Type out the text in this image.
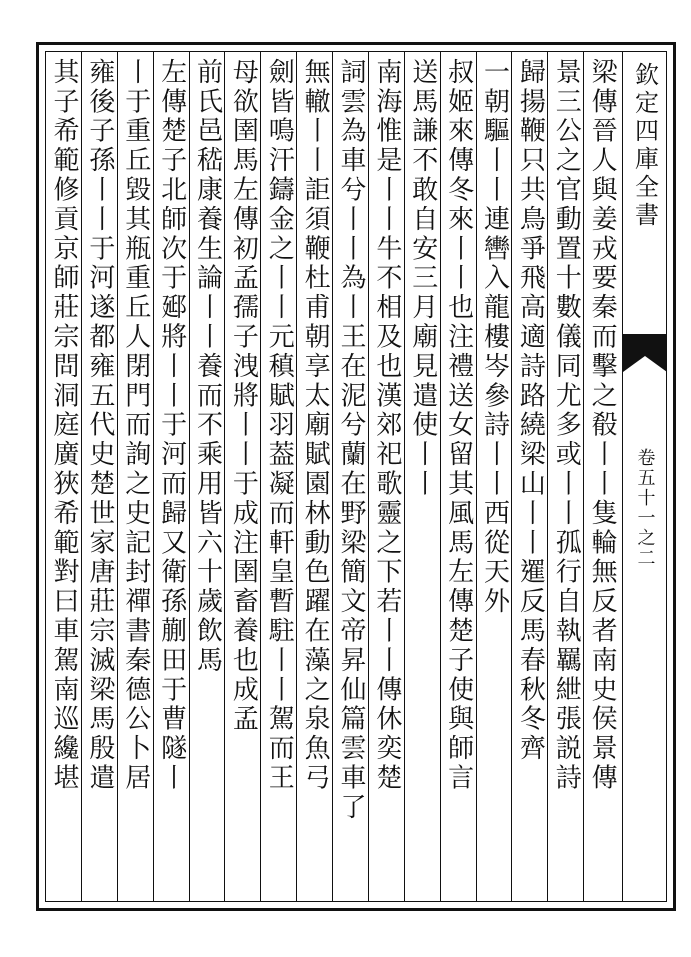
欽定四庫全書
卷五十一之二
梁傳晉人與姜戎要秦而擊之殽丨丨隻輪無反者南史侯景傳
景三公之官動置十數儀同尤多或丨丨孤行自執羈紲張説詩
歸揚鞭只共鳥爭飛高適詩路繞梁山丨丨𨗴反馬春秋冬齊
一朝驅丨丨連轡入龍樓岑參詩丨丨西從天外
叔姬來傳冬來丨丨也注禮送女留其風馬左傳楚子使與師言
送馬謙不敢自安三月廟見遣使丨丨
南海惟是丨丨牛不相及也漢郊祀歌靈之下若丨丨傳休奕楚
詞雲為車兮丨丨為丨王在泥兮蘭在野梁簡文帝昇仙篇雲車了
無轍丨丨詎須鞭杜甫朝享太廟賦園林動色躍在藻之泉魚弓
劍皆鳴汗鑄金之丨丨元稹賦羽葢凝而軒皇暫駐丨丨駕而王
母欲圉馬左傳初孟孺子洩將丨丨于成注圉畜養也成孟
前氏邑嵇康養生論丨丨養而不乘用皆六十歲飲馬
左傳楚子北師次于郔將丨丨于河而歸又衛孫蒯田于曹隧丨
丨于重丘毀其瓶重丘人閉門而詢之史記封禪書秦德公卜居
雍後子孫丨丨于河遂都雍五代史楚世家唐莊宗滅梁馬殷遣
其子希範修貢京師莊宗問洞庭廣狹希範對曰車駕南巡纔堪
